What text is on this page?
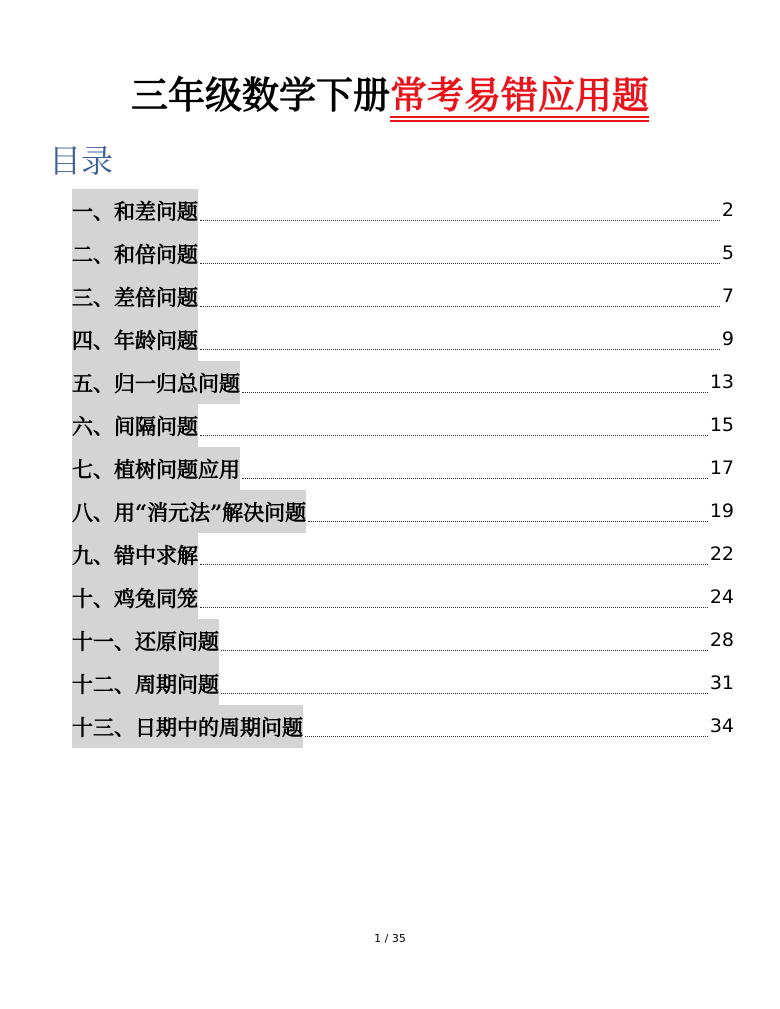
三年级数学下册常考易错应用题
目录
一、和差问题	2
二、和倍问题	5
三、差倍问题	7
四、年龄问题	9
五、归一归总问题	13
六、间隔问题	15
七、植树问题应用	17
八、用“消元法”解决问题	19
九、错中求解	22
十、鸡兔同笼	24
十一、还原问题	28
十二、周期问题	31
十三、日期中的周期问题	34
1 / 35
